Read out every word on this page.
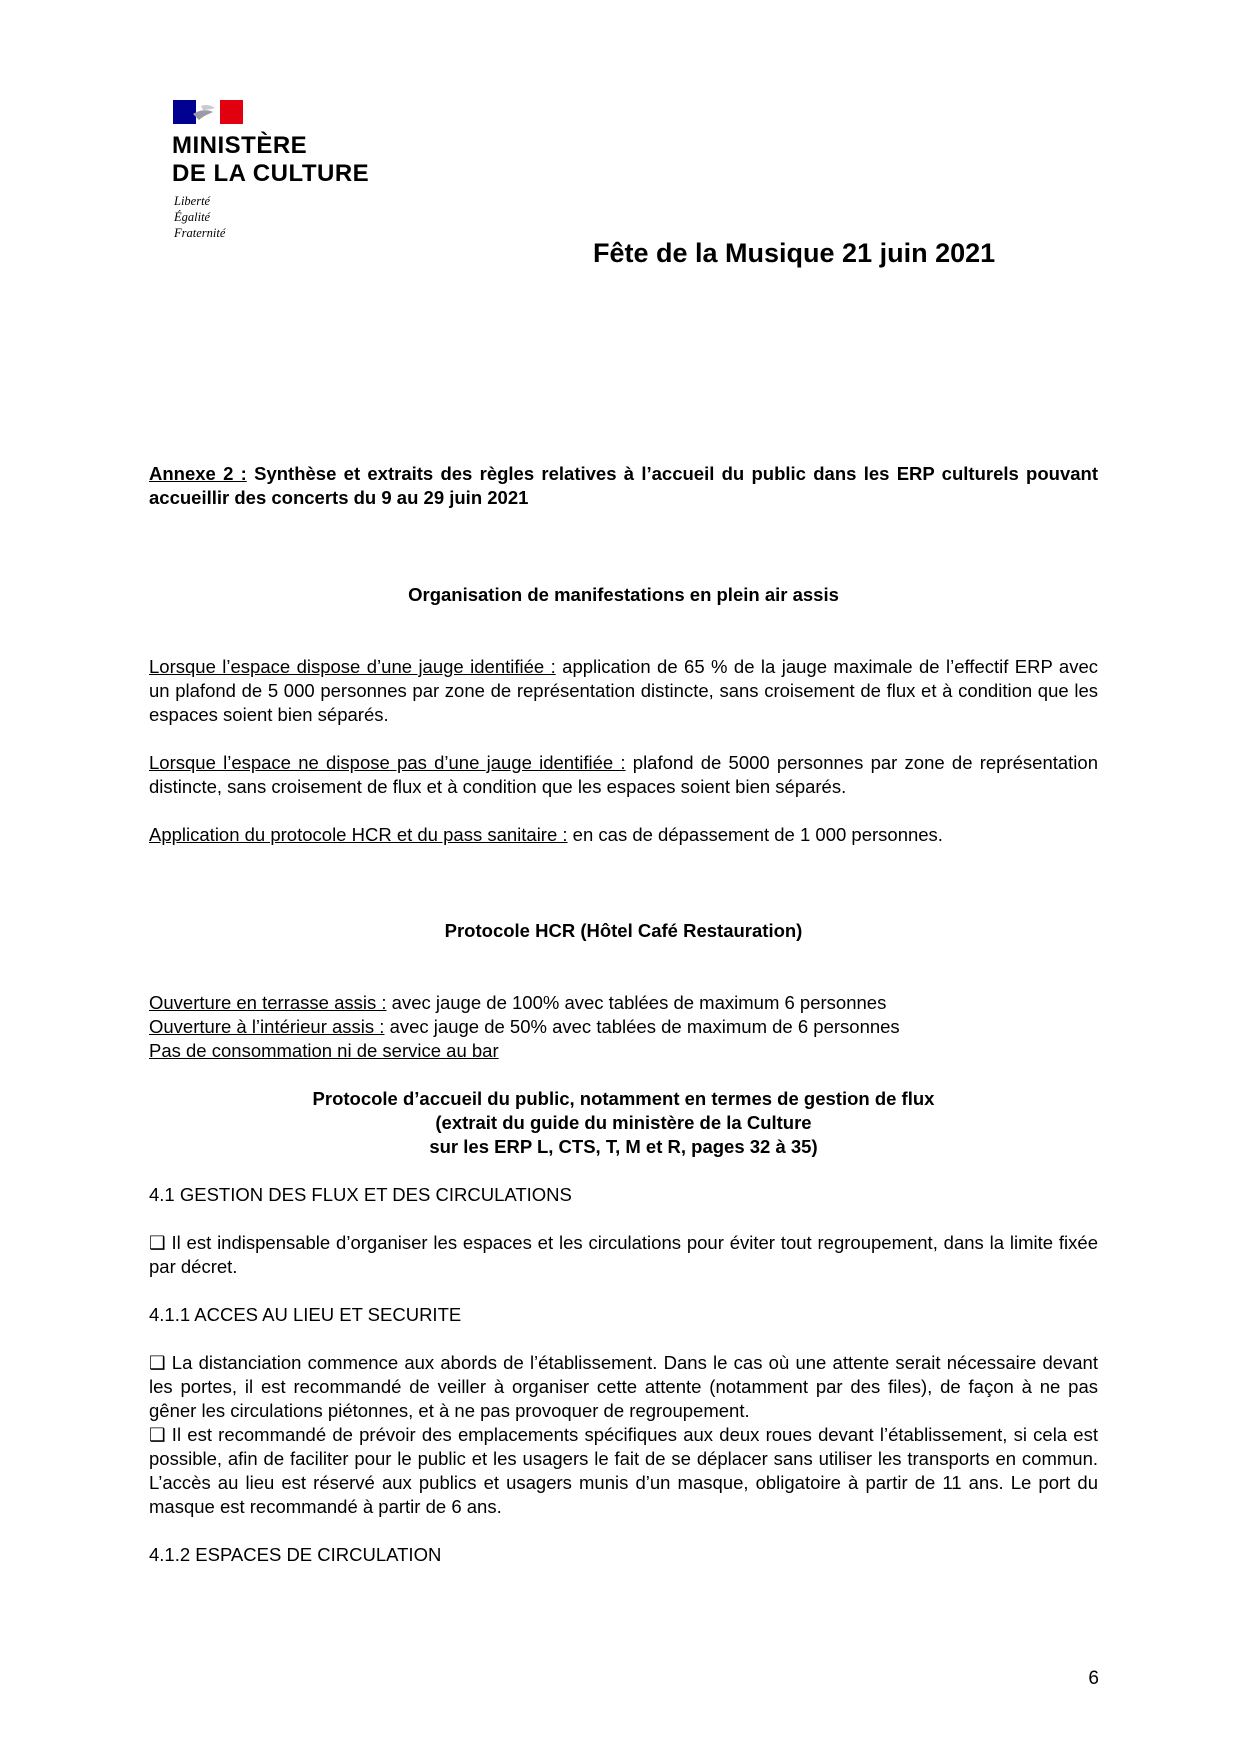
MINISTÈRE
DE LA CULTURE
Liberté
Égalité
Fraternité
Fête de la Musique 21 juin 2021
Annexe 2 : Synthèse et extraits des règles relatives à l’accueil du public dans les ERP culturels pouvant accueillir des concerts du 9 au 29 juin 2021
Organisation de manifestations en plein air assis
Lorsque l’espace dispose d’une jauge identifiée : application de 65 % de la jauge maximale de l’effectif ERP avec un plafond de 5 000 personnes par zone de représentation distincte, sans croisement de flux et à condition que les espaces soient bien séparés.
Lorsque l’espace ne dispose pas d’une jauge identifiée : plafond de 5000 personnes par zone de représentation distincte, sans croisement de flux et à condition que les espaces soient bien séparés.
Application du protocole HCR et du pass sanitaire : en cas de dépassement de 1 000 personnes.
Protocole HCR (Hôtel Café Restauration)
Ouverture en terrasse assis : avec jauge de 100% avec tablées de maximum 6 personnes
Ouverture à l’intérieur assis : avec jauge de 50% avec tablées de maximum de 6 personnes
Pas de consommation ni de service au bar
Protocole d’accueil du public, notamment en termes de gestion de flux
(extrait du guide du ministère de la Culture
sur les ERP L, CTS, T, M et R, pages 32 à 35)
4.1 GESTION DES FLUX ET DES CIRCULATIONS
❑ Il est indispensable d’organiser les espaces et les circulations pour éviter tout regroupement, dans la limite fixée par décret.
4.1.1 ACCES AU LIEU ET SECURITE
❑ La distanciation commence aux abords de l’établissement. Dans le cas où une attente serait nécessaire devant les portes, il est recommandé de veiller à organiser cette attente (notamment par des files), de façon à ne pas gêner les circulations piétonnes, et à ne pas provoquer de regroupement.
❑ Il est recommandé de prévoir des emplacements spécifiques aux deux roues devant l’établissement, si cela est possible, afin de faciliter pour le public et les usagers le fait de se déplacer sans utiliser les transports en commun. L’accès au lieu est réservé aux publics et usagers munis d’un masque, obligatoire à partir de 11 ans. Le port du masque est recommandé à partir de 6 ans.
4.1.2 ESPACES DE CIRCULATION
6
